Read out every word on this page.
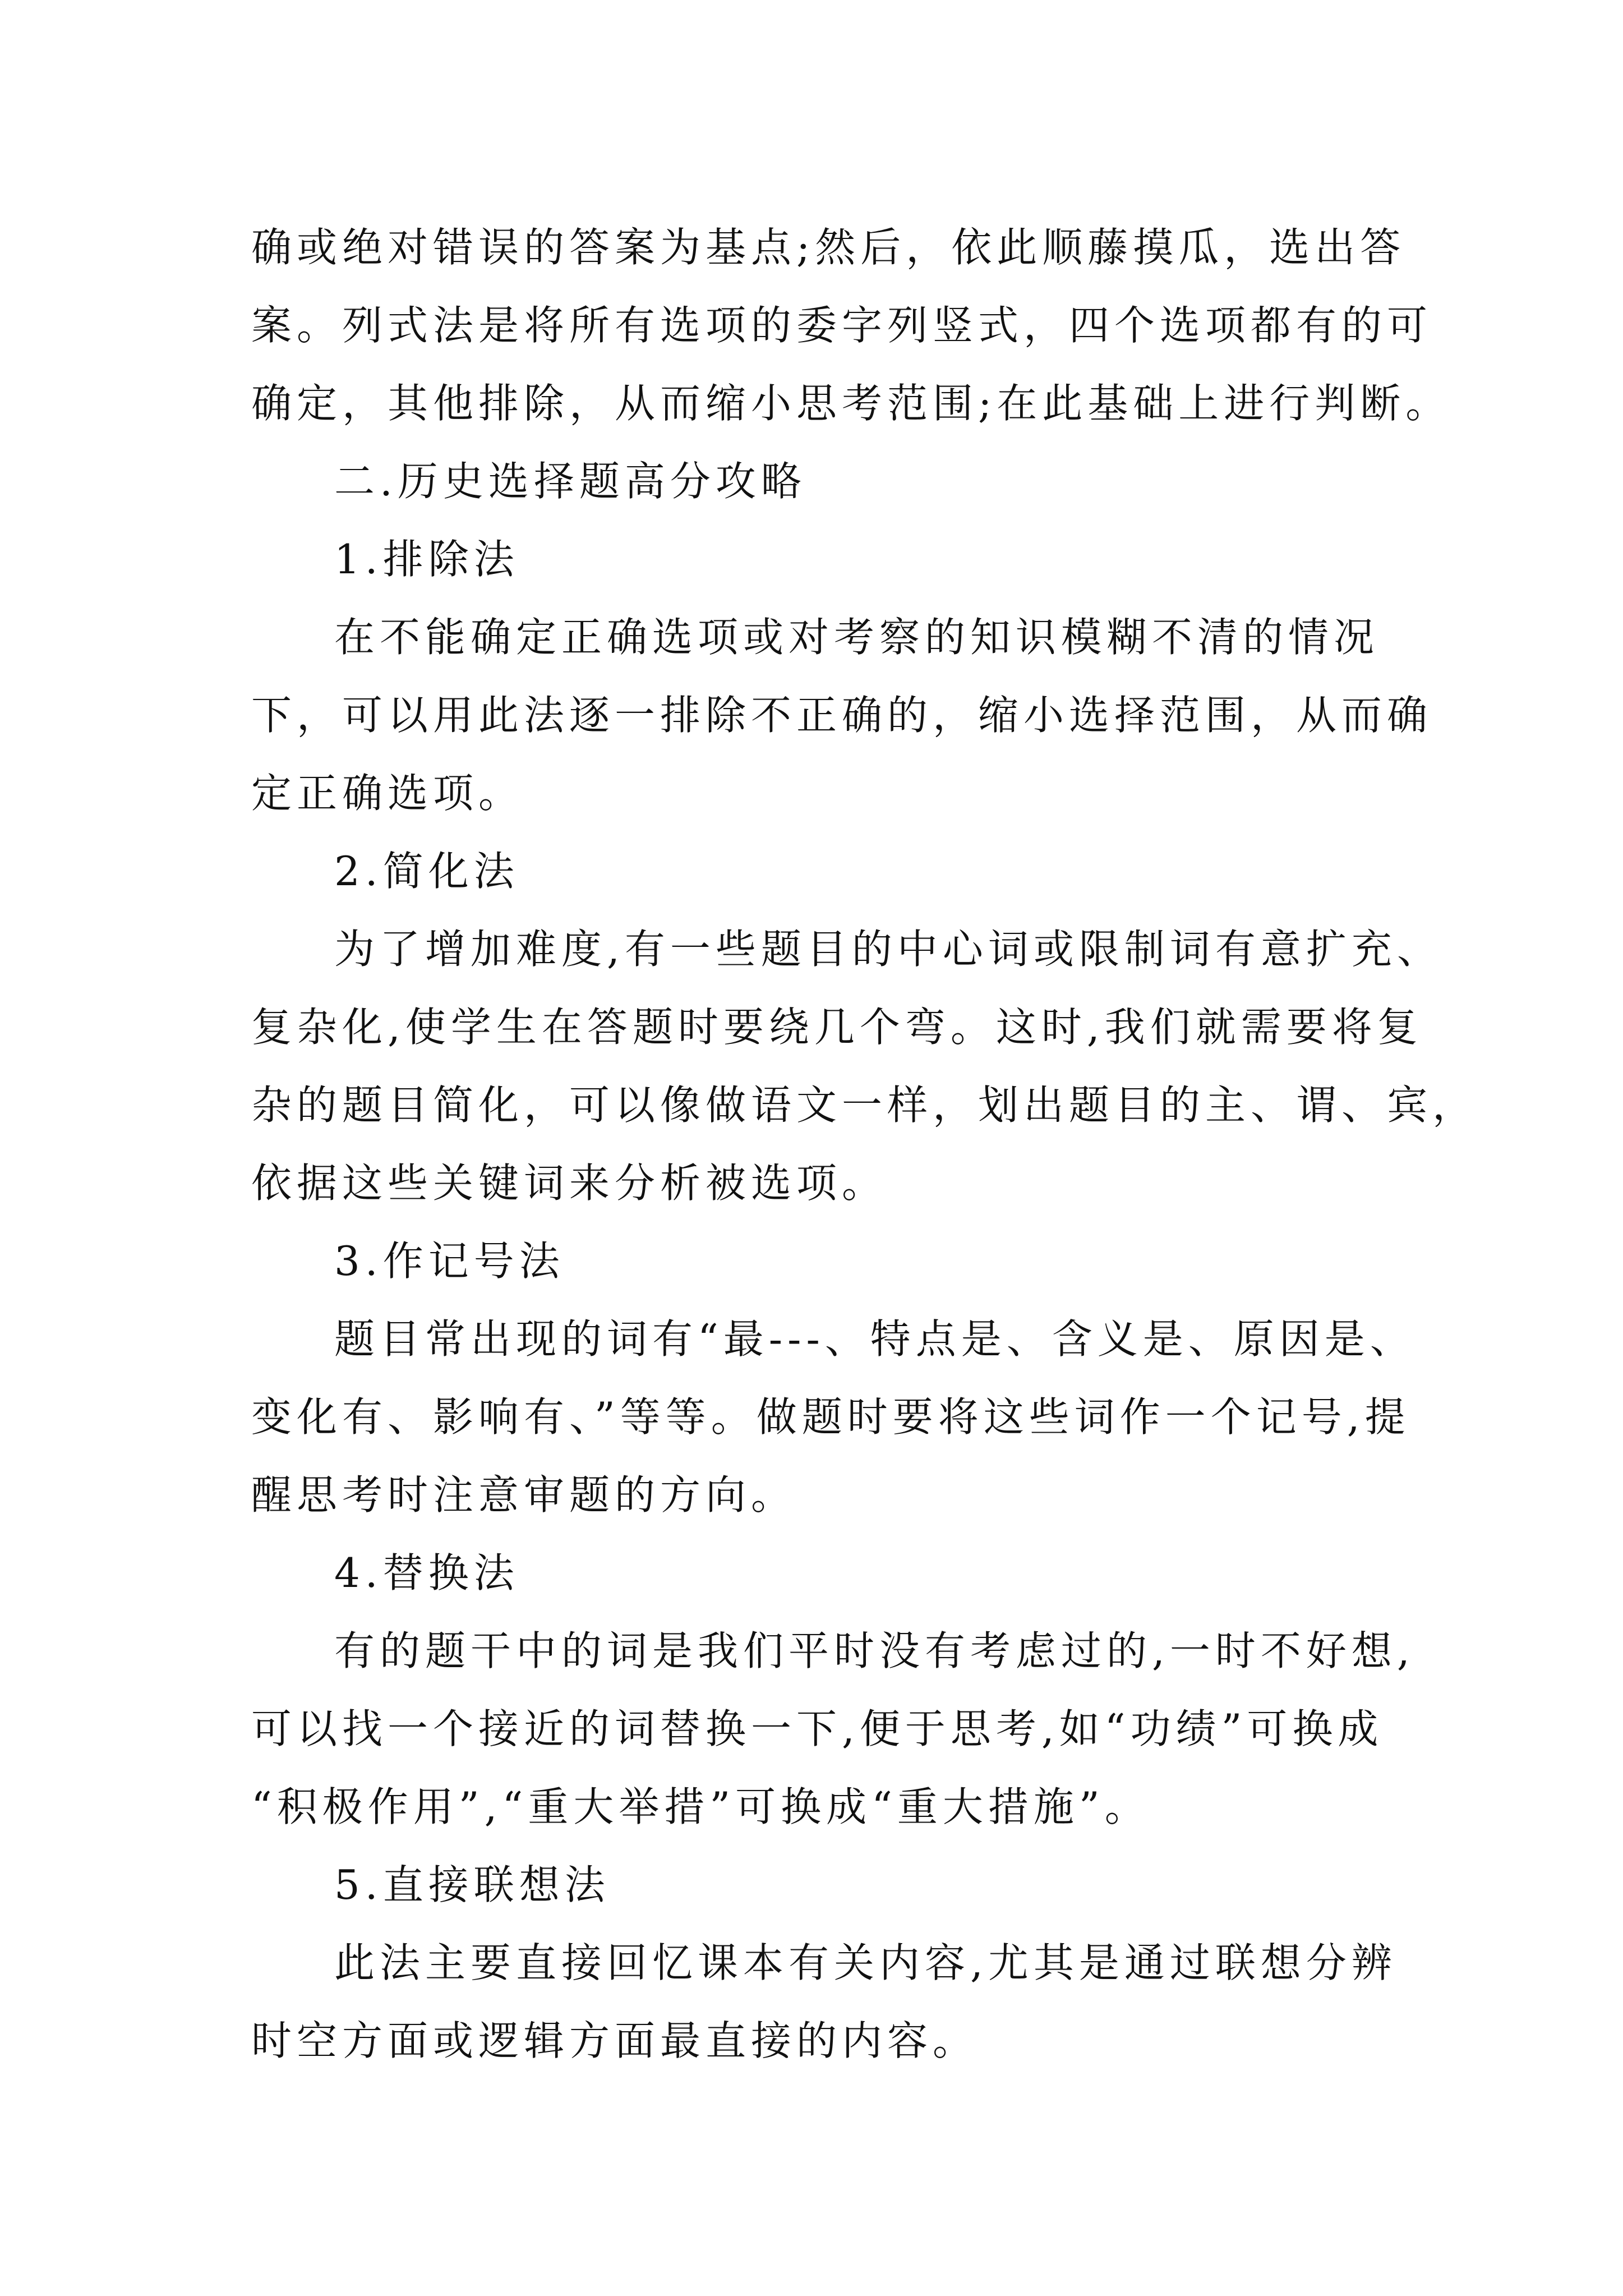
确或绝对错误的答案为基点;然后，依此顺藤摸瓜，选出答
案。列式法是将所有选项的委字列竖式，四个选项都有的可
确定，其他排除，从而缩小思考范围;在此基础上进行判断。
二.历史选择题高分攻略
1.排除法
在不能确定正确选项或对考察的知识模糊不清的情况
下，可以用此法逐一排除不正确的，缩小选择范围，从而确
定正确选项。
2.简化法
为了增加难度,有一些题目的中心词或限制词有意扩充、
复杂化,使学生在答题时要绕几个弯。这时,我们就需要将复
杂的题目简化，可以像做语文一样，划出题目的主、谓、宾，
依据这些关键词来分析被选项。
3.作记号法
题目常出现的词有“最---、特点是、含义是、原因是、
变化有、影响有、”等等。做题时要将这些词作一个记号,提
醒思考时注意审题的方向。
4.替换法
有的题干中的词是我们平时没有考虑过的,一时不好想,
可以找一个接近的词替换一下,便于思考,如“功绩”可换成
“积极作用”,“重大举措”可换成“重大措施”。
5.直接联想法
此法主要直接回忆课本有关内容,尤其是通过联想分辨
时空方面或逻辑方面最直接的内容。
